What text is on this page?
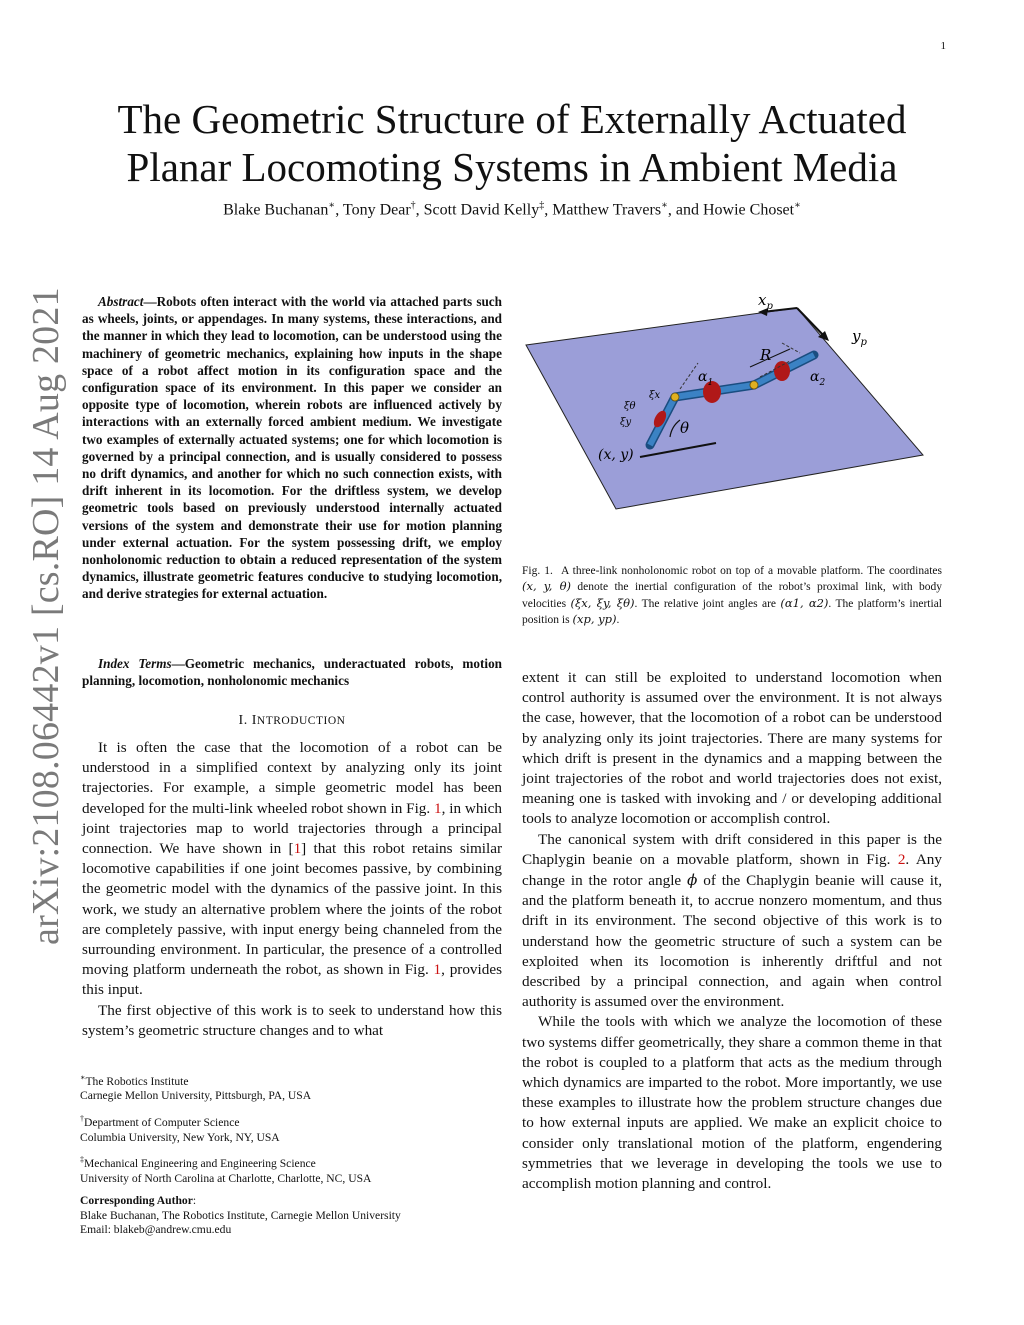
1
arXiv:2108.06442v1 [cs.RO] 14 Aug 2021
The Geometric Structure of Externally Actuated
Planar Locomoting Systems in Ambient Media
Blake Buchanan∗, Tony Dear†, Scott David Kelly‡, Matthew Travers∗, and Howie Choset∗
Abstract—Robots often interact with the world via attached parts such as wheels, joints, or appendages. In many systems, these interactions, and the manner in which they lead to locomotion, can be understood using the machinery of geometric mechanics, explaining how inputs in the shape space of a robot affect motion in its configuration space and the configuration space of its environment. In this paper we consider an opposite type of locomotion, wherein robots are influenced actively by interactions with an externally forced ambient medium. We investigate two examples of externally actuated systems; one for which locomotion is governed by a principal connection, and is usually considered to possess no drift dynamics, and another for which no such connection exists, with drift inherent in its locomotion. For the driftless system, we develop geometric tools based on previously understood internally actuated versions of the system and demonstrate their use for motion planning under external actuation. For the system possessing drift, we employ nonholonomic reduction to obtain a reduced representation of the system dynamics, illustrate geometric features conducive to studying locomotion, and derive strategies for external actuation.
Index Terms—Geometric mechanics, underactuated robots, motion planning, locomotion, nonholonomic mechanics
I. INTRODUCTION

It is often the case that the locomotion of a robot can be understood in a simplified context by analyzing only its joint trajectories. For example, a simple geometric model has been developed for the multi-link wheeled robot shown in Fig. 1, in which joint trajectories map to world trajectories through a principal connection. We have shown in [1] that this robot retains similar locomotive capabilities if one joint becomes passive, by combining the geometric model with the dynamics of the passive joint. In this work, we study an alternative problem where the joints of the robot are completely passive, with input energy being channeled from the surrounding environment. In particular, the presence of a controlled moving platform underneath the robot, as shown in Fig. 1, provides this input.

The first objective of this work is to seek to understand how this system’s geometric structure changes and to what

$x_p$
$y_p$
R
$\alpha_1$	$\alpha_2$
θ
(x, y)
ξx
ξθ
ξy
Fig. 1. A three-link nonholonomic robot on top of a movable platform. The coordinates (x, y, θ) denote the inertial configuration of the robot’s proximal link, with body velocities (ξx, ξy, ξθ). The relative joint angles are (α1, α2). The platform’s inertial position is (xp, yp).

extent it can still be exploited to understand locomotion when control authority is assumed over the environment. It is not always the case, however, that the locomotion of a robot can be understood by analyzing only its joint trajectories. There are many systems for which drift is present in the dynamics and a mapping between the joint trajectories of the robot and world trajectories does not exist, meaning one is tasked with invoking and / or developing additional tools to analyze locomotion or accomplish control.

The canonical system with drift considered in this paper is the Chaplygin beanie on a movable platform, shown in Fig. 2. Any change in the rotor angle ϕ of the Chaplygin beanie will cause it, and the platform beneath it, to accrue nonzero momentum, and thus drift in its environment. The second objective of this work is to understand how the geometric structure of such a system can be exploited when its locomotion is inherently driftful and not described by a principal connection, and again when control authority is assumed over the environment.

While the tools with which we analyze the locomotion of these two systems differ geometrically, they share a common theme in that the robot is coupled to a platform that acts as the medium through which dynamics are imparted to the robot. More importantly, we use these examples to illustrate how the problem structure changes due to how external inputs are applied. We make an explicit choice to consider only translational motion of the platform, engendering symmetries that we leverage in developing the tools we use to accomplish motion planning and control.

∗The Robotics Institute
Carnegie Mellon University, Pittsburgh, PA, USA
†Department of Computer Science
Columbia University, New York, NY, USA
‡Mechanical Engineering and Engineering Science
University of North Carolina at Charlotte, Charlotte, NC, USA
Corresponding Author:
Blake Buchanan, The Robotics Institute, Carnegie Mellon University
Email: blakeb@andrew.cmu.edu
